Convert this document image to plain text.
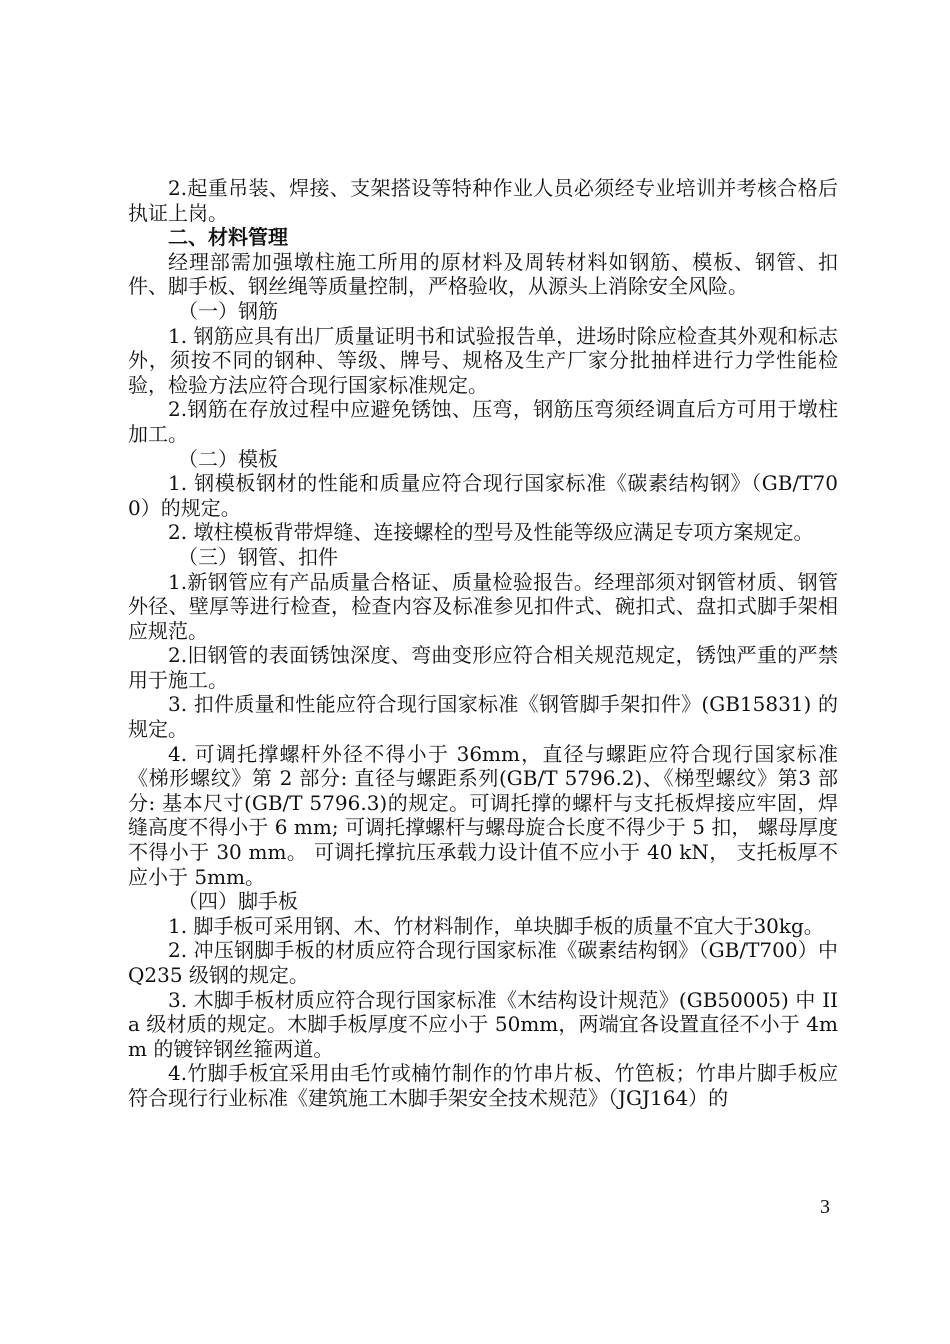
2.起重吊装、焊接、支架搭设等特种作业人员必须经专业培训并考核合格后执证上岗。

二、材料管理

经理部需加强墩柱施工所用的原材料及周转材料如钢筋、模板、钢管、扣件、脚手板、钢丝绳等质量控制，严格验收，从源头上消除安全风险。

（一）钢筋

1. 钢筋应具有出厂质量证明书和试验报告单，进场时除应检查其外观和标志外，须按不同的钢种、等级、牌号、规格及生产厂家分批抽样进行力学性能检验，检验方法应符合现行国家标准规定。

2.钢筋在存放过程中应避免锈蚀、压弯，钢筋压弯须经调直后方可用于墩柱加工。

（二）模板

1. 钢模板钢材的性能和质量应符合现行国家标准《碳素结构钢》（GB/T700）的规定。

2. 墩柱模板背带焊缝、连接螺栓的型号及性能等级应满足专项方案规定。

（三）钢管、扣件

1.新钢管应有产品质量合格证、质量检验报告。经理部须对钢管材质、钢管外径、壁厚等进行检查，检查内容及标准参见扣件式、碗扣式、盘扣式脚手架相应规范。

2.旧钢管的表面锈蚀深度、弯曲变形应符合相关规范规定，锈蚀严重的严禁用于施工。

3. 扣件质量和性能应符合现行国家标准《钢管脚手架扣件》(GB15831) 的规定。

4. 可调托撑螺杆外径不得小于 36mm，直径与螺距应符合现行国家标准《梯形螺纹》第 2 部分: 直径与螺距系列(GB/T 5796.2)、《梯型螺纹》第3 部分: 基本尺寸(GB/T 5796.3)的规定。可调托撑的螺杆与支托板焊接应牢固，焊缝高度不得小于 6 mm; 可调托撑螺杆与螺母旋合长度不得少于 5 扣， 螺母厚度不得小于 30 mm。 可调托撑抗压承载力设计值不应小于 40 kN， 支托板厚不应小于 5mm。

（四）脚手板

1. 脚手板可采用钢、木、竹材料制作，单块脚手板的质量不宜大于30kg。

2. 冲压钢脚手板的材质应符合现行国家标准《碳素结构钢》（GB/T700）中 Q235 级钢的规定。

3. 木脚手板材质应符合现行国家标准《木结构设计规范》(GB50005) 中 IIa 级材质的规定。木脚手板厚度不应小于 50mm，两端宜各设置直径不小于 4mm 的镀锌钢丝箍两道。

4.竹脚手板宜采用由毛竹或楠竹制作的竹串片板、竹笆板；竹串片脚手板应符合现行行业标准《建筑施工木脚手架安全技术规范》（JGJ164）的

3
